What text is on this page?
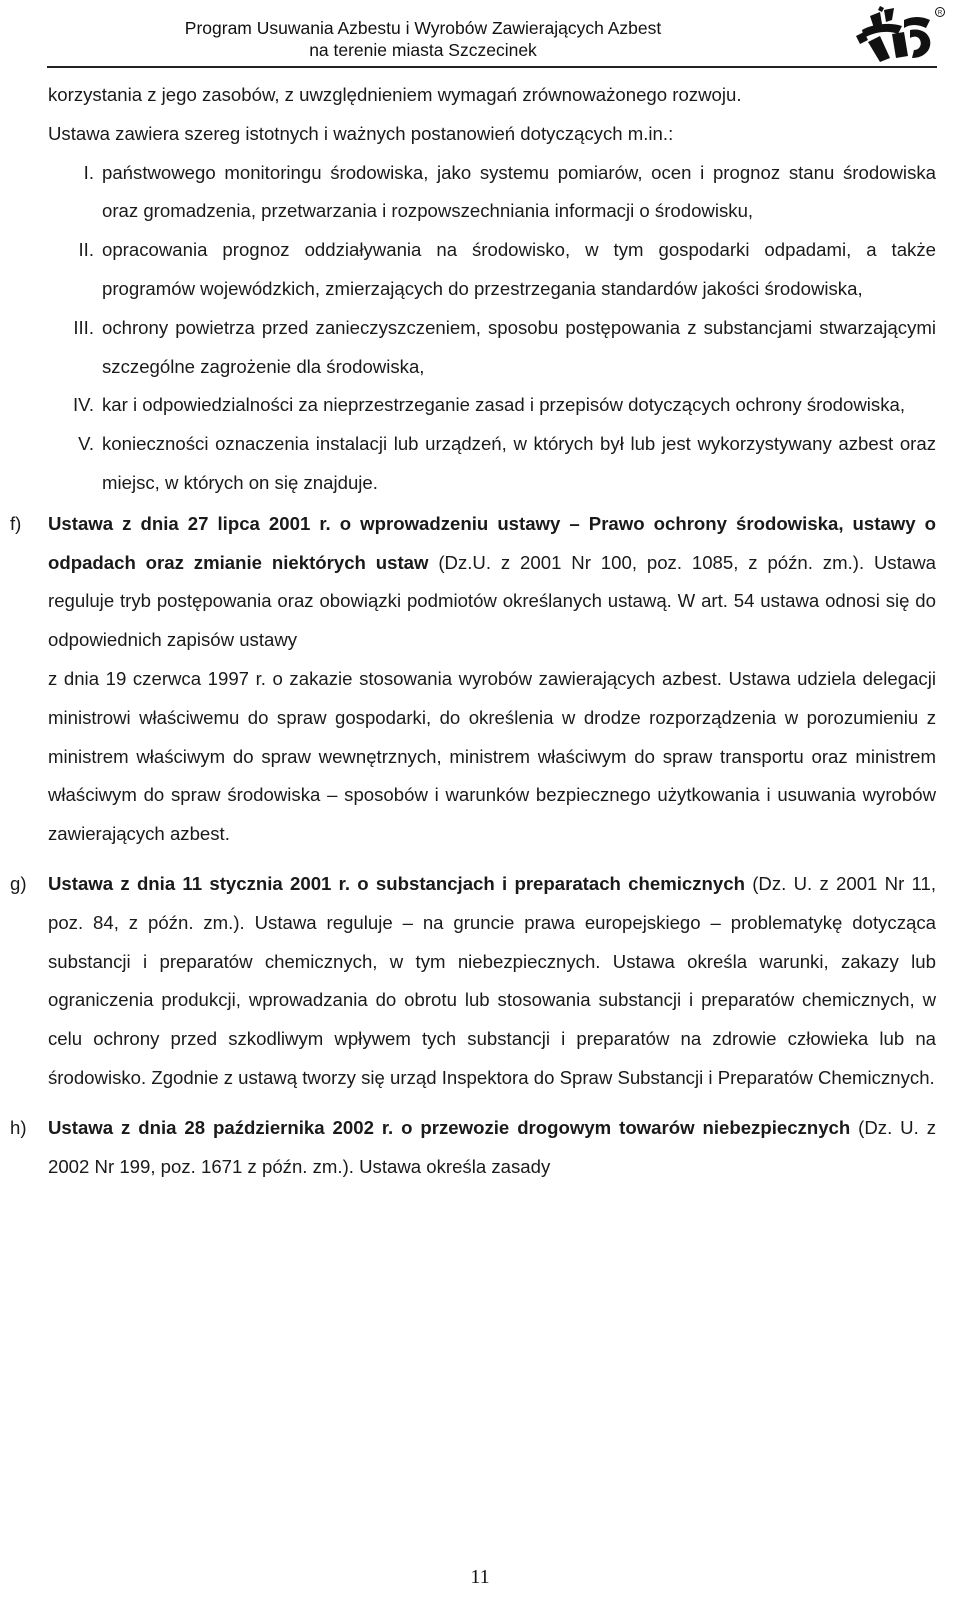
Program Usuwania Azbestu i Wyrobów Zawierających Azbest
na terenie miasta Szczecinek
R

korzystania z jego zasobów, z uwzględnieniem wymagań zrównoważonego rozwoju.

Ustawa zawiera szereg istotnych i ważnych postanowień dotyczących m.in.:

I. państwowego monitoringu środowiska, jako systemu pomiarów, ocen i prognoz stanu środowiska oraz gromadzenia, przetwarzania i rozpowszechniania informacji o środowisku,
II. opracowania prognoz oddziaływania na środowisko, w tym gospodarki odpadami, a także programów wojewódzkich, zmierzających do przestrzegania standardów jakości środowiska,
III. ochrony powietrza przed zanieczyszczeniem, sposobu postępowania z substancjami stwarzającymi szczególne zagrożenie dla środowiska,
IV. kar i odpowiedzialności za nieprzestrzeganie zasad i przepisów dotyczących ochrony środowiska,
V. konieczności oznaczenia instalacji lub urządzeń, w których był lub jest wykorzystywany azbest oraz miejsc, w których on się znajduje.
f)	Ustawa z dnia 27 lipca 2001 r. o wprowadzeniu ustawy – Prawo ochrony środowiska, ustawy o odpadach oraz zmianie niektórych ustaw (Dz.U. z 2001 Nr 100, poz. 1085, z późn. zm.). Ustawa reguluje tryb postępowania oraz obowiązki podmiotów określanych ustawą. W art. 54 ustawa odnosi się do odpowiednich zapisów ustawy

z dnia 19 czerwca 1997 r. o zakazie stosowania wyrobów zawierających azbest. Ustawa udziela delegacji ministrowi właściwemu do spraw gospodarki, do określenia w drodze rozporządzenia w porozumieniu z ministrem właściwym do spraw wewnętrznych, ministrem właściwym do spraw transportu oraz ministrem właściwym do spraw środowiska – sposobów i warunków bezpiecznego użytkowania i usuwania wyrobów zawierających azbest.

g)	Ustawa z dnia 11 stycznia 2001 r. o substancjach i preparatach chemicznych (Dz. U. z 2001 Nr 11, poz. 84, z późn. zm.). Ustawa reguluje – na gruncie prawa europejskiego – problematykę dotycząca substancji i preparatów chemicznych, w tym niebezpiecznych. Ustawa określa warunki, zakazy lub ograniczenia produkcji, wprowadzania do obrotu lub stosowania substancji i preparatów chemicznych, w celu ochrony przed szkodliwym wpływem tych substancji i preparatów na zdrowie człowieka lub na środowisko. Zgodnie z ustawą tworzy się urząd Inspektora do Spraw Substancji i Preparatów Chemicznych.
h)	Ustawa z dnia 28 października 2002 r. o przewozie drogowym towarów niebezpiecznych (Dz. U. z 2002 Nr 199, poz. 1671 z późn. zm.). Ustawa określa zasady
11
